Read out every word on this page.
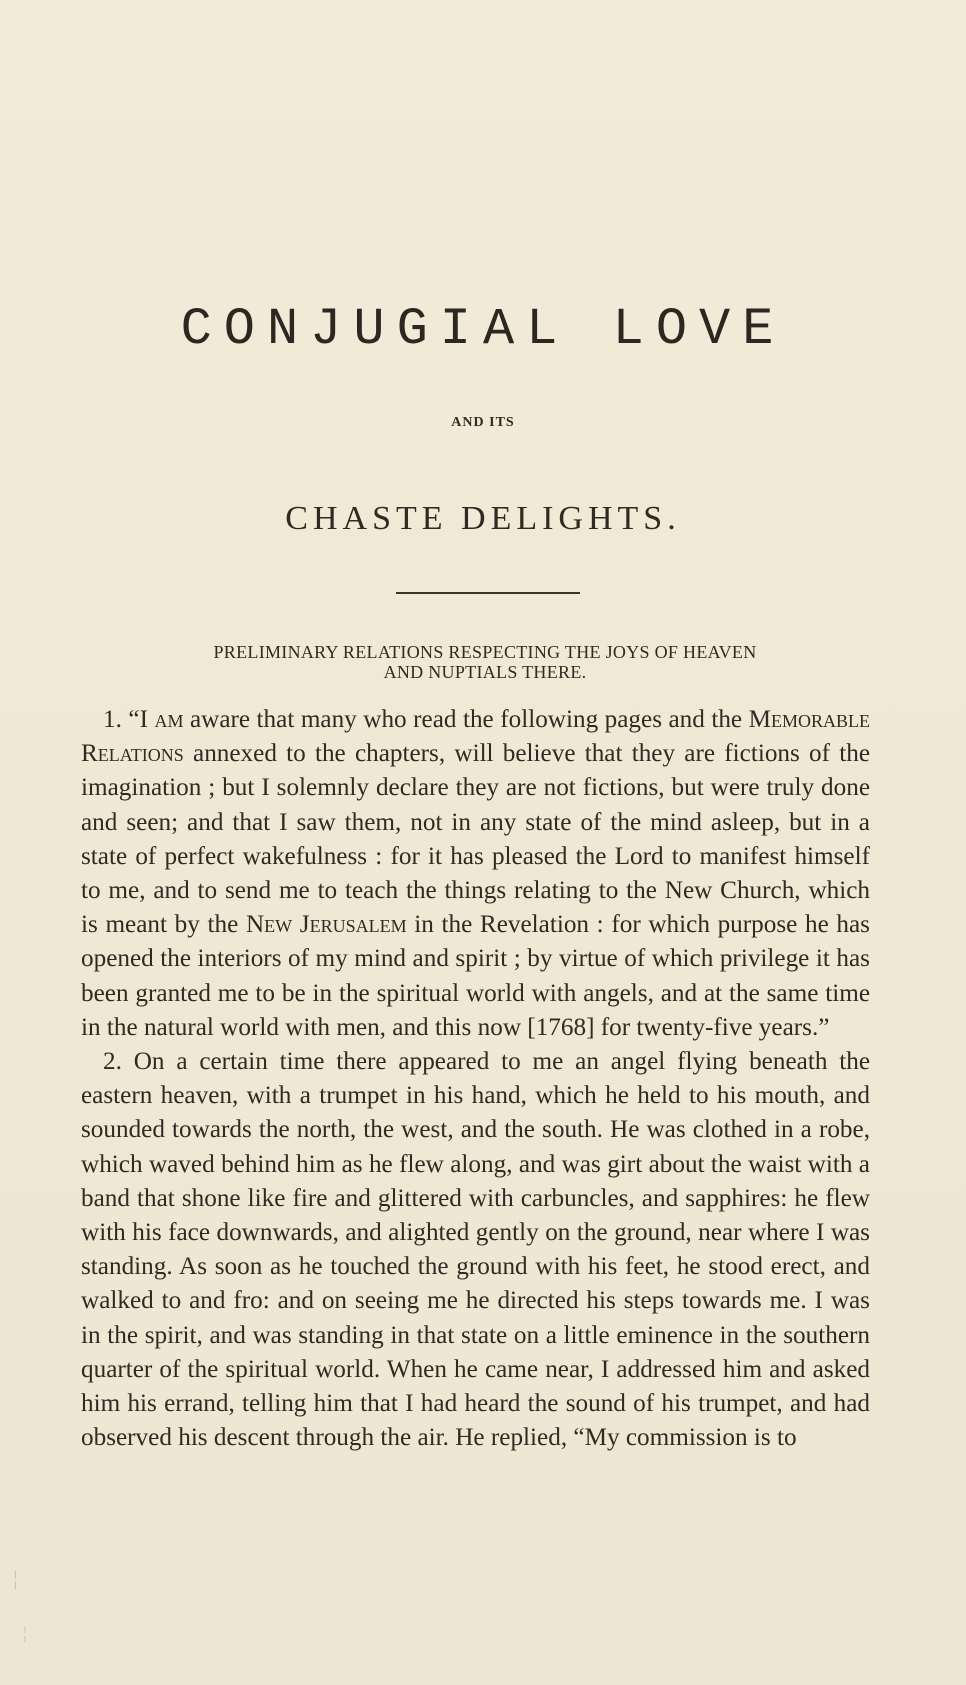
CONJUGIAL LOVE
AND ITS
CHASTE DELIGHTS.
PRELIMINARY RELATIONS RESPECTING THE JOYS OF HEAVEN
AND NUPTIALS THERE.

1. “I am aware that many who read the following pages and the Memorable Relations annexed to the chapters, will believe that they are fictions of the imagination ; but I solemnly declare they are not fictions, but were truly done and seen; and that I saw them, not in any state of the mind asleep, but in a state of perfect wakefulness : for it has pleased the Lord to manifest himself to me, and to send me to teach the things relating to the New Church, which is meant by the New Jerusalem in the Revelation : for which purpose he has opened the interiors of my mind and spirit ; by virtue of which privilege it has been granted me to be in the spiritual world with angels, and at the same time in the natural world with men, and this now [1768] for twenty-five years.”

2. On a certain time there appeared to me an angel flying beneath the eastern heaven, with a trumpet in his hand, which he held to his mouth, and sounded towards the north, the west, and the south. He was clothed in a robe, which waved behind him as he flew along, and was girt about the waist with a band that shone like fire and glittered with carbuncles, and sapphires: he flew with his face downwards, and alighted gently on the ground, near where I was standing. As soon as he touched the ground with his feet, he stood erect, and walked to and fro: and on seeing me he directed his steps towards me. I was in the spirit, and was standing in that state on a little eminence in the southern quarter of the spiritual world. When he came near, I addressed him and asked him his errand, telling him that I had heard the sound of his trumpet, and had observed his descent through the air. He replied, “My commission is to

╎
╎
